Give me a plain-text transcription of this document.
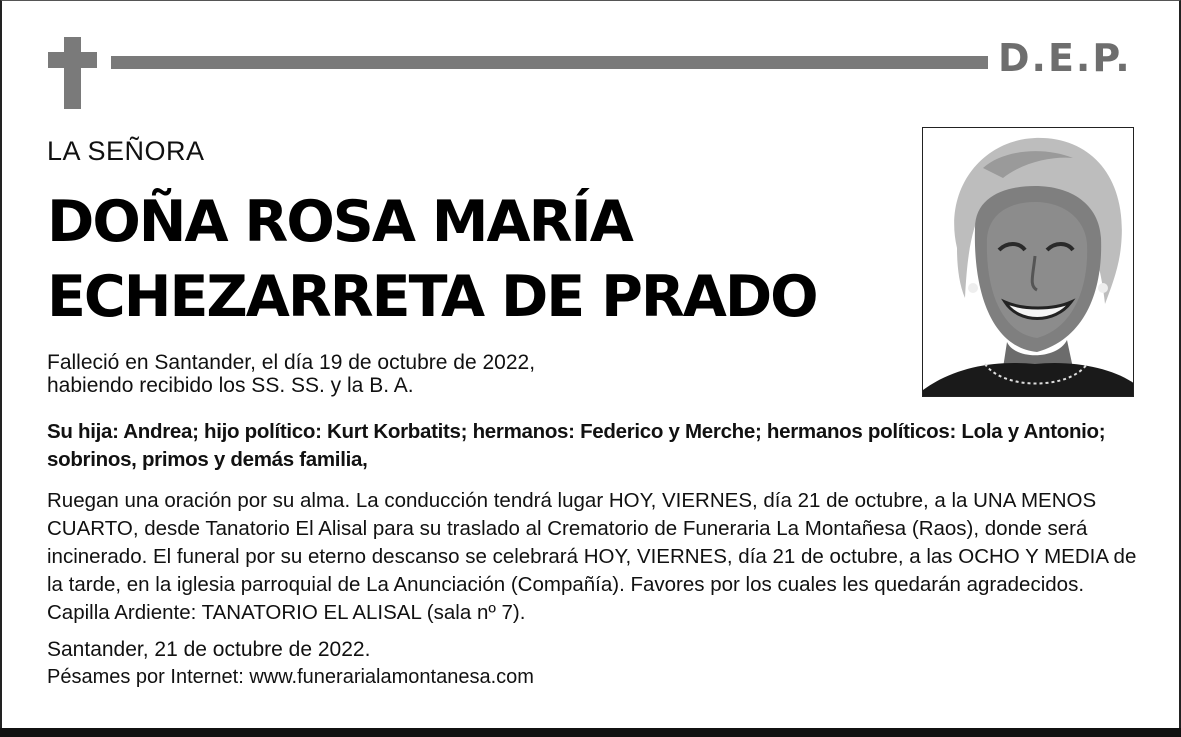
D.E.P.
LA SEÑORA
DOÑA ROSA MARÍA
ECHEZARRETA DE PRADO
Falleció en Santander, el día 19 de octubre de 2022,
habiendo recibido los SS. SS. y la B. A.
Su hija: Andrea; hijo político: Kurt Korbatits; hermanos: Federico y Merche; hermanos políticos: Lola y Antonio; sobrinos, primos y demás familia,
Ruegan una oración por su alma. La conducción tendrá lugar HOY, VIERNES, día 21 de octubre, a la UNA MENOS CUARTO, desde Tanatorio El Alisal para su traslado al Crematorio de Funeraria La Montañesa (Raos), donde será incinerado. El funeral por su eterno descanso se celebrará HOY, VIERNES, día 21 de octubre, a las OCHO Y MEDIA de la tarde, en la iglesia parroquial de La Anunciación (Compañía). Favores por los cuales les quedarán agradecidos. Capilla Ardiente: TANATORIO EL ALISAL (sala nº 7).
Santander, 21 de octubre de 2022.
Pésames por Internet: www.funerarialamontanesa.com
